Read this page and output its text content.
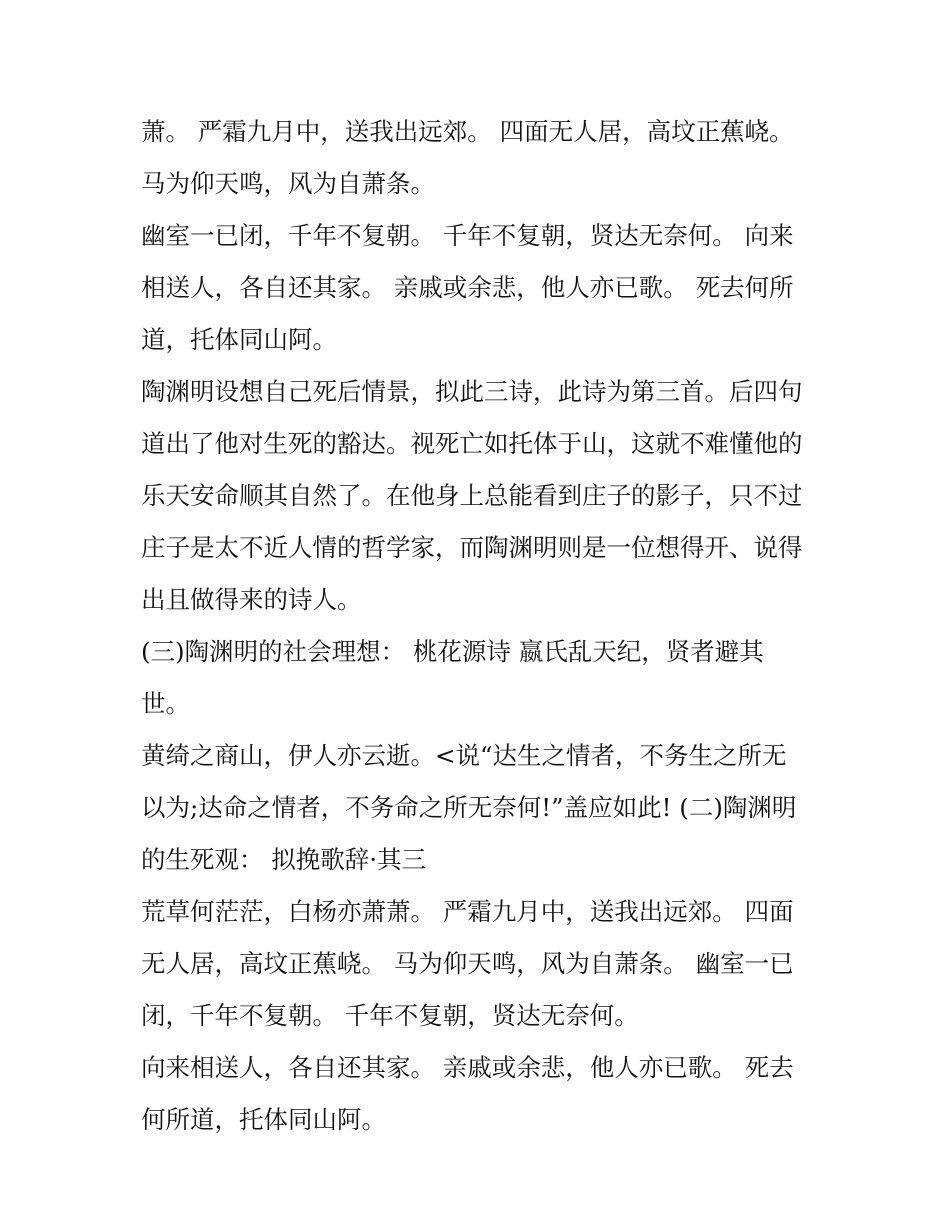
萧。 严霜九月中，送我出远郊。 四面无人居，高坟正蕉峣。
马为仰天鸣，风为自萧条。
幽室一已闭，千年不复朝。 千年不复朝，贤达无奈何。 向来
相送人，各自还其家。 亲戚或余悲，他人亦已歌。 死去何所
道，托体同山阿。
陶渊明设想自己死后情景，拟此三诗，此诗为第三首。后四句
道出了他对生死的豁达。视死亡如托体于山，这就不难懂他的
乐天安命顺其自然了。在他身上总能看到庄子的影子，只不过
庄子是太不近人情的哲学家，而陶渊明则是一位想得开、说得
出且做得来的诗人。
(三)陶渊明的社会理想： 桃花源诗 嬴氏乱天纪，贤者避其
世。
黄绮之商山，伊人亦云逝。<说“达生之情者，不务生之所无
以为;达命之情者，不务命之所无奈何!”盖应如此! (二)陶渊明
的生死观： 拟挽歌辞·其三
荒草何茫茫，白杨亦萧萧。 严霜九月中，送我出远郊。 四面
无人居，高坟正蕉峣。 马为仰天鸣，风为自萧条。 幽室一已
闭，千年不复朝。 千年不复朝，贤达无奈何。
向来相送人，各自还其家。 亲戚或余悲，他人亦已歌。 死去
何所道，托体同山阿。
